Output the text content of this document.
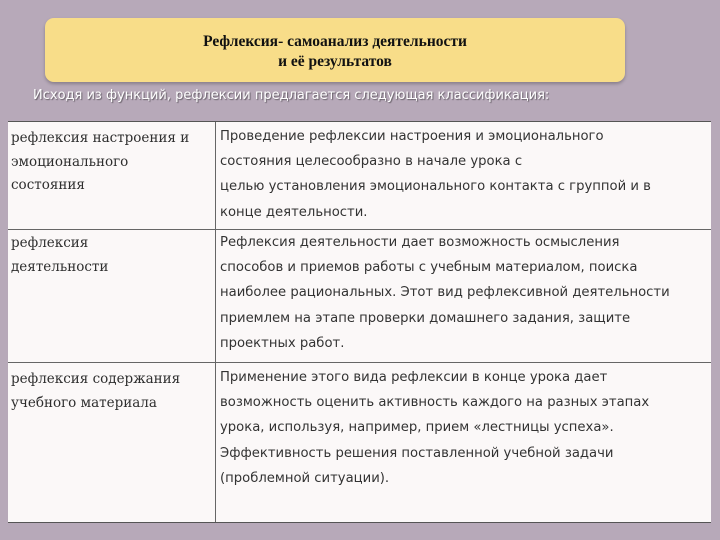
Рефлексия- самоанализ деятельности
и её результатов
Исходя из функций, рефлексии предлагается следующая классификация:
рефлексия настроения и
эмоционального
состояния
Проведение рефлексии настроения и эмоционального
состояния целесообразно в начале урока с
целью установления эмоционального контакта с группой и в
конце деятельности.
рефлексия
деятельности
Рефлексия деятельности дает возможность осмысления
способов и приемов работы с учебным материалом, поиска
наиболее рациональных. Этот вид рефлексивной деятельности
приемлем на этапе проверки домашнего задания, защите
проектных работ.
рефлексия содержания
учебного материала
Применение этого вида рефлексии в конце урока дает
возможность оценить активность каждого на разных этапах
урока, используя, например, прием «лестницы успеха».
Эффективность решения поставленной учебной задачи
(проблемной ситуации).
